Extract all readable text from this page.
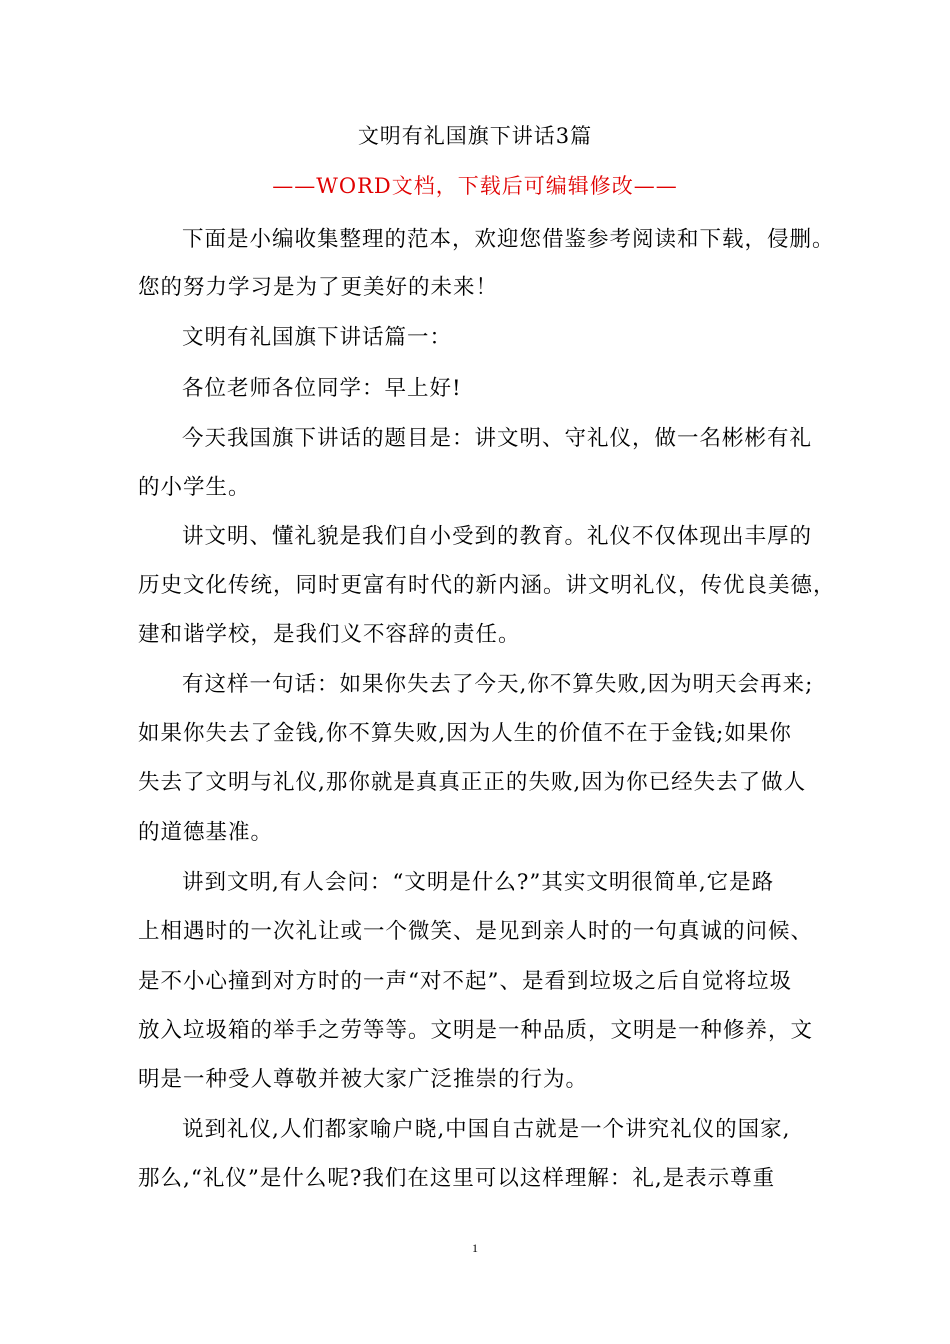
文明有礼国旗下讲话3篇
——WORD文档，下载后可编辑修改——
下面是小编收集整理的范本，欢迎您借鉴参考阅读和下载，侵删。
您的努力学习是为了更美好的未来！
文明有礼国旗下讲话篇一：
各位老师各位同学：早上好!
今天我国旗下讲话的题目是：讲文明、守礼仪，做一名彬彬有礼
的小学生。
讲文明、懂礼貌是我们自小受到的教育。礼仪不仅体现出丰厚的
历史文化传统，同时更富有时代的新内涵。讲文明礼仪，传优良美德，
建和谐学校，是我们义不容辞的责任。
有这样一句话：如果你失去了今天,你不算失败,因为明天会再来;
如果你失去了金钱,你不算失败,因为人生的价值不在于金钱;如果你
失去了文明与礼仪,那你就是真真正正的失败,因为你已经失去了做人
的道德基准。
讲到文明,有人会问：“文明是什么?”其实文明很简单,它是路
上相遇时的一次礼让或一个微笑、是见到亲人时的一句真诚的问候、
是不小心撞到对方时的一声“对不起”、是看到垃圾之后自觉将垃圾
放入垃圾箱的举手之劳等等。文明是一种品质，文明是一种修养，文
明是一种受人尊敬并被大家广泛推崇的行为。
说到礼仪,人们都家喻户晓,中国自古就是一个讲究礼仪的国家,
那么,“礼仪”是什么呢?我们在这里可以这样理解：礼,是表示尊重
1
